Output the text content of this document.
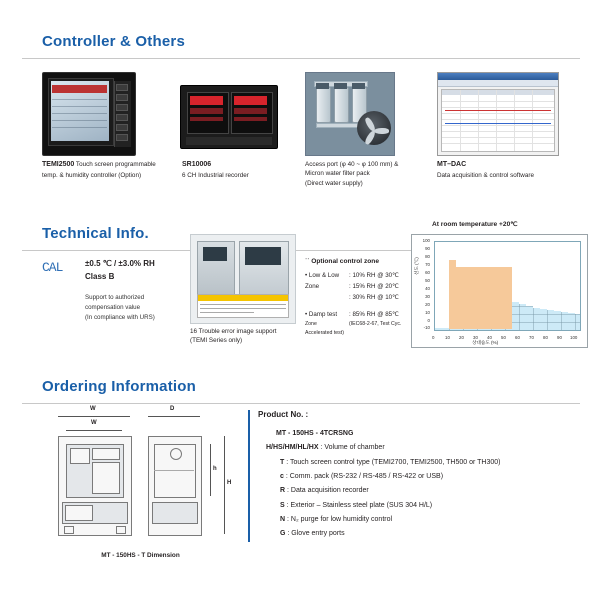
Controller & Others
TEMI2500 Touch screen programmable
temp. & humidity controller (Option)
SR10006
6 CH Industrial recorder
Access port (φ 40 ~ φ 100 mm) &
Micron water filter pack
(Direct water supply)
MT–DAC
Data acquisition & control software
Technical Info.
CAL	±0.5 ℃ / ±3.0% RH
Class B
Support to authorized
compensation value
(In compliance with URS)
16 Trouble error image support
(TEMI Series only)
˙˙ Optional control zone
• Low & Low : 10% RH @ 30℃
Zone	: 15% RH @ 20℃
: 30% RH @ 10℃
• Damp test : 85% RH @ 85℃
Zone	(IEC68-2-67, Test Cyc. Accelerated test)
At room temperature +20℃
100
90
80
70
60
50
40
30
20
10
0
-10
0 10 20 30 40 50 60 70 80 90 100
상대습도 (%)
선도 (℃)
Ordering Information
W
W
D
h
H
MT - 150HS - T Dimension
Product No. :
MT - 150HS - 4TCRSNG
H/HS/HM/HL/HX : Volume of chamber
T : Touch screen control type (TEMI2700, TEMI2500, TH500 or TH300)
c : Comm. pack (RS-232 / RS-485 / RS-422 or USB)
R : Data acquisition recorder
S : Exterior – Stainless steel plate (SUS 304 H/L)
N : N₂ purge for low humidity control
G : Glove entry ports
